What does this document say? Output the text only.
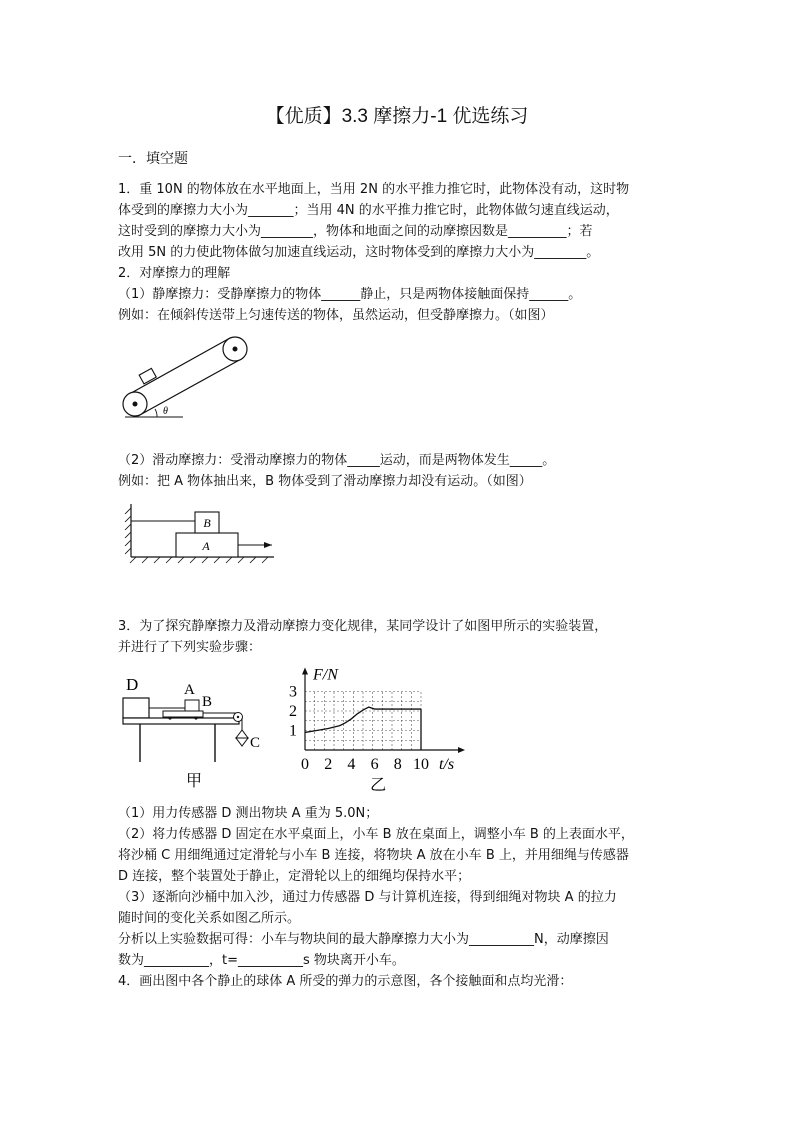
【优质】3.3 摩擦力-1 优选练习
一．填空题
1．重 10N 的物体放在水平地面上，当用 2N 的水平推力推它时，此物体没有动，这时物
体受到的摩擦力大小为_______；当用 4N 的水平推力推它时，此物体做匀速直线运动，
这时受到的摩擦力大小为________，物体和地面之间的动摩擦因数是_________；若
改用 5N 的力使此物体做匀加速直线运动，这时物体受到的摩擦力大小为________。
2．对摩擦力的理解
（1）静摩擦力：受静摩擦力的物体______静止，只是两物体接触面保持______。
例如：在倾斜传送带上匀速传送的物体，虽然运动，但受静摩擦力。（如图）
θ
（2）滑动摩擦力：受滑动摩擦力的物体_____运动，而是两物体发生_____。
例如：把 A 物体抽出来，B 物体受到了滑动摩擦力却没有运动。（如图）
B
A
3．为了探究静摩擦力及滑动摩擦力变化规律，某同学设计了如图甲所示的实验装置，
并进行了下列实验步骤：
D	A
B
C
甲
0 2 4 6 8 10
1
2
3
F/N
t/s
乙
（1）用力传感器 D 测出物块 A 重为 5.0N；
（2）将力传感器 D 固定在水平桌面上，小车 B 放在桌面上，调整小车 B 的上表面水平，
将沙桶 C 用细绳通过定滑轮与小车 B 连接，将物块 A 放在小车 B 上，并用细绳与传感器
D 连接，整个装置处于静止，定滑轮以上的细绳均保持水平；
（3）逐渐向沙桶中加入沙，通过力传感器 D 与计算机连接，得到细绳对物块 A 的拉力
随时间的变化关系如图乙所示。
分析以上实验数据可得：小车与物块间的最大静摩擦力大小为__________N，动摩擦因
数为__________，t=__________s 物块离开小车。
4．画出图中各个静止的球体 A 所受的弹力的示意图，各个接触面和点均光滑：
